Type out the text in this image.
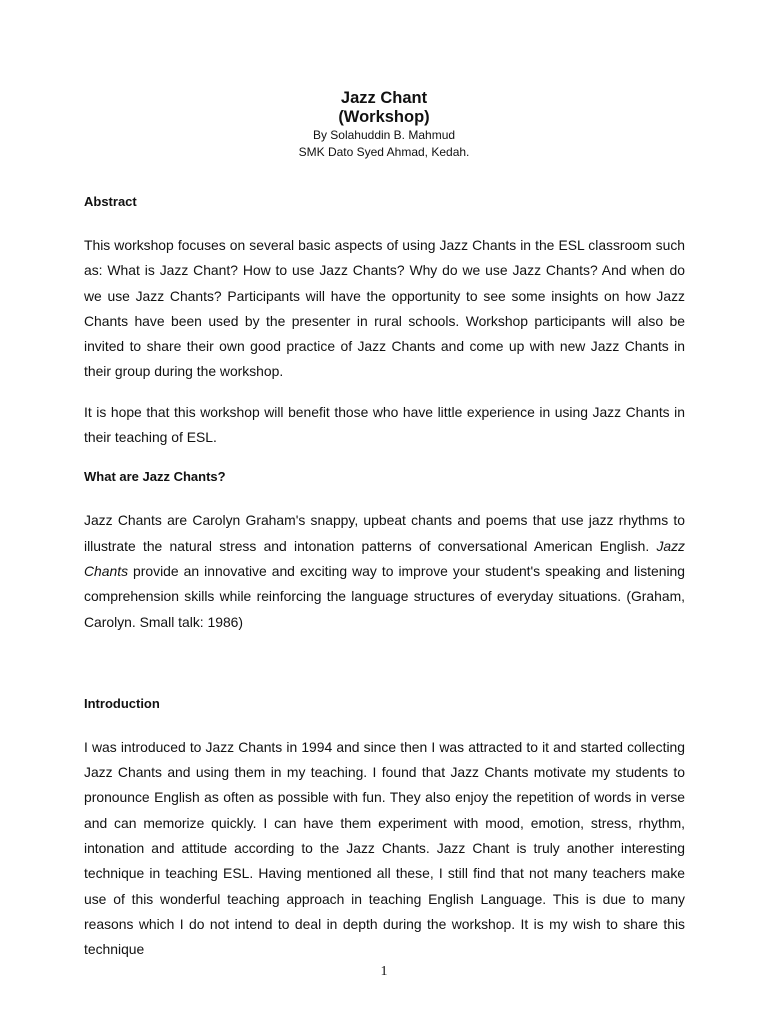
Jazz Chant

(Workshop)

By Solahuddin B. Mahmud

SMK Dato Syed Ahmad, Kedah.

Abstract

This workshop focuses on several basic aspects of using Jazz Chants in the ESL classroom such as: What is Jazz Chant? How to use Jazz Chants? Why do we use Jazz Chants? And when do we use Jazz Chants? Participants will have the opportunity to see some insights on how Jazz Chants have been used by the presenter in rural schools. Workshop participants will also be invited to share their own good practice of Jazz Chants and come up with new Jazz Chants in their group during the workshop.

It is hope that this workshop will benefit those who have little experience in using Jazz Chants in their teaching of ESL.

What are Jazz Chants?

Jazz Chants are Carolyn Graham's snappy, upbeat chants and poems that use jazz rhythms to illustrate the natural stress and intonation patterns of conversational American English. Jazz Chants provide an innovative and exciting way to improve your student's speaking and listening comprehension skills while reinforcing the language structures of everyday situations. (Graham, Carolyn. Small talk: 1986)

Introduction

I was introduced to Jazz Chants in 1994 and since then I was attracted to it and started collecting Jazz Chants and using them in my teaching. I found that Jazz Chants motivate my students to pronounce English as often as possible with fun. They also enjoy the repetition of words in verse and can memorize quickly. I can have them experiment with mood, emotion, stress, rhythm, intonation and attitude according to the Jazz Chants. Jazz Chant is truly another interesting technique in teaching ESL. Having mentioned all these, I still find that not many teachers make use of this wonderful teaching approach in teaching English Language. This is due to many reasons which I do not intend to deal in depth during the workshop. It is my wish to share this technique

1
